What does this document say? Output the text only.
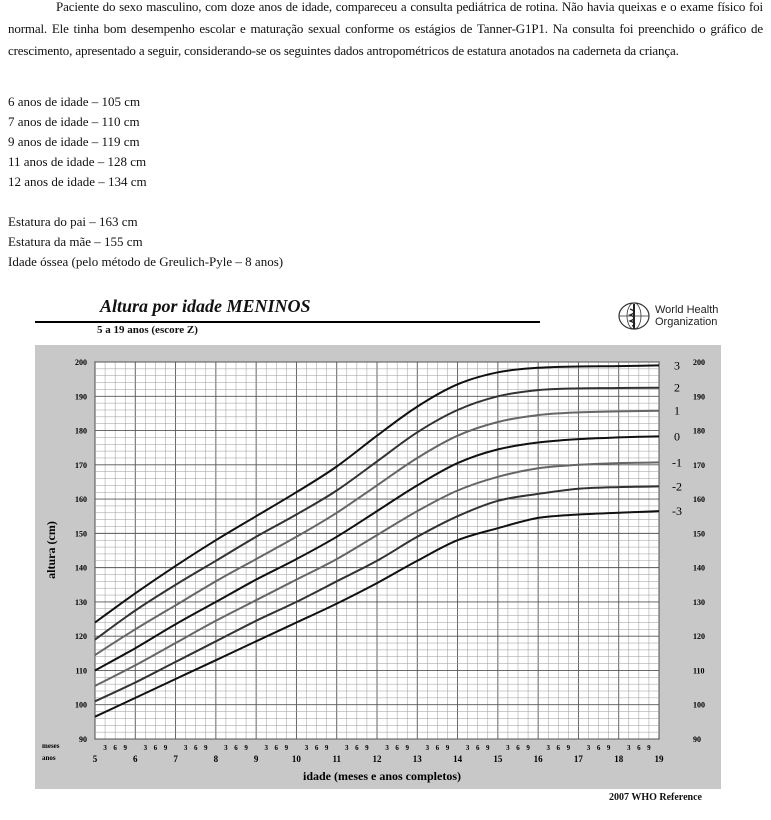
Paciente do sexo masculino, com doze anos de idade, compareceu a consulta pediátrica de rotina. Não havia queixas e o exame físico foi normal. Ele tinha bom desempenho escolar e maturação sexual conforme os estágios de Tanner-G1P1. Na consulta foi preenchido o gráfico de crescimento, apresentado a seguir, considerando-se os seguintes dados antropométricos de estatura anotados na caderneta da criança.
6 anos de idade – 105 cm
7 anos de idade – 110 cm
9 anos de idade – 119 cm
11 anos de idade – 128 cm
12 anos de idade – 134 cm
Estatura do pai – 163 cm
Estatura da mãe – 155 cm
Idade óssea (pelo método de Greulich-Pyle – 8 anos)
Altura por idade MENINOS
5 a 19 anos (escore Z)
World Health
Organization
90	90
100	100
110	110
120	120
130	130
140	140
150	150
160	160
170	170
180	180
190	190
200	200
3 6 9 3 6 9 3 6 9 3 6 9 3 6 9 3 6 9 3 6 9 3 6 9 3 6 9 3 6 9 3 6 9 3 6 9 3 6 9 3 6 9
5	6	7	8	9	10	11	12	13	14	15	16	17	18	19
3
2
1
0
-1
-2
-3
altura (cm)
idade (meses e anos completos)
meses
anos
2007 WHO Reference
